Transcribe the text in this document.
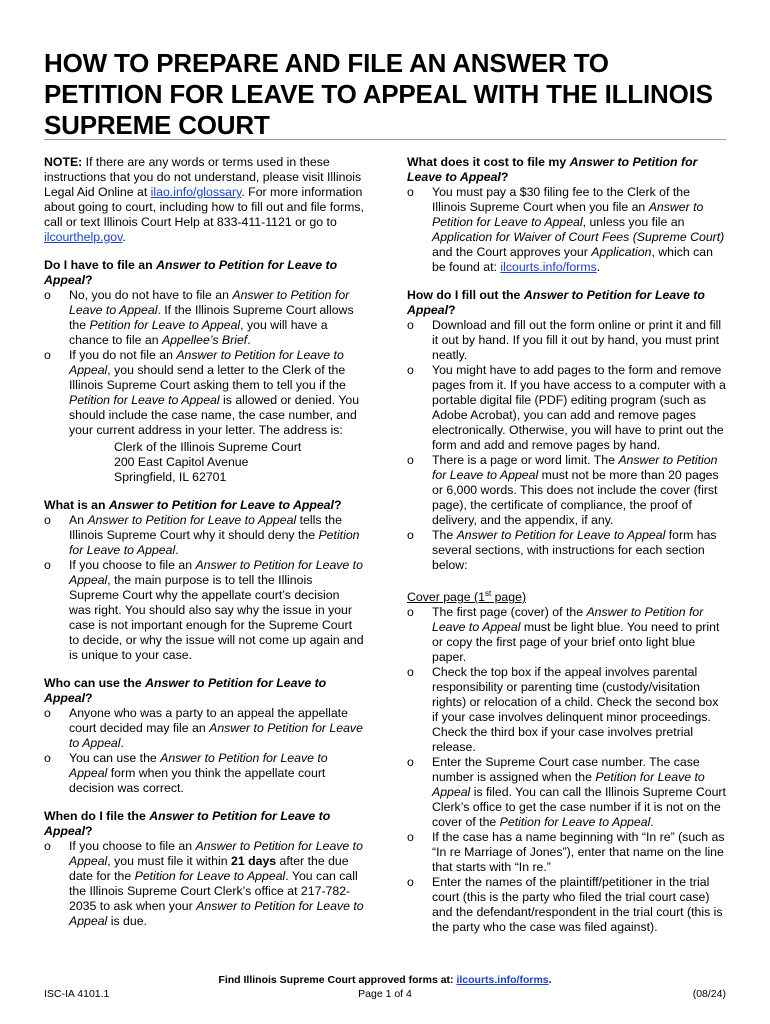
HOW TO PREPARE AND FILE AN ANSWER TO PETITION FOR LEAVE TO APPEAL WITH THE ILLINOIS SUPREME COURT

NOTE: If there are any words or terms used in these instructions that you do not understand, please visit Illinois Legal Aid Online at ilao.info/glossary. For more information about going to court, including how to fill out and file forms, call or text Illinois Court Help at 833-411-1121 or go to ilcourthelp.gov.

Do I have to file an Answer to Petition for Leave to Appeal?

o No, you do not have to file an Answer to Petition for Leave to Appeal. If the Illinois Supreme Court allows the Petition for Leave to Appeal, you will have a chance to file an Appellee’s Brief.
o If you do not file an Answer to Petition for Leave to Appeal, you should send a letter to the Clerk of the Illinois Supreme Court asking them to tell you if the Petition for Leave to Appeal is allowed or denied. You should include the case name, the case number, and your current address in your letter. The address is:
Clerk of the Illinois Supreme Court
200 East Capitol Avenue
Springfield, IL 62701

What is an Answer to Petition for Leave to Appeal?

o An Answer to Petition for Leave to Appeal tells the Illinois Supreme Court why it should deny the Petition for Leave to Appeal.
o If you choose to file an Answer to Petition for Leave to Appeal, the main purpose is to tell the Illinois Supreme Court why the appellate court’s decision was right. You should also say why the issue in your case is not important enough for the Supreme Court to decide, or why the issue will not come up again and is unique to your case.

Who can use the Answer to Petition for Leave to Appeal?

o Anyone who was a party to an appeal the appellate court decided may file an Answer to Petition for Leave to Appeal.
o You can use the Answer to Petition for Leave to Appeal form when you think the appellate court decision was correct.

When do I file the Answer to Petition for Leave to Appeal?

o If you choose to file an Answer to Petition for Leave to Appeal, you must file it within 21 days after the due date for the Petition for Leave to Appeal. You can call the Illinois Supreme Court Clerk’s office at 217-782-2035 to ask when your Answer to Petition for Leave to Appeal is due.

What does it cost to file my Answer to Petition for Leave to Appeal?

o You must pay a $30 filing fee to the Clerk of the Illinois Supreme Court when you file an Answer to Petition for Leave to Appeal, unless you file an Application for Waiver of Court Fees (Supreme Court) and the Court approves your Application, which can be found at: ilcourts.info/forms.

How do I fill out the Answer to Petition for Leave to Appeal?

o Download and fill out the form online or print it and fill it out by hand. If you fill it out by hand, you must print neatly.
o You might have to add pages to the form and remove pages from it. If you have access to a computer with a portable digital file (PDF) editing program (such as Adobe Acrobat), you can add and remove pages electronically. Otherwise, you will have to print out the form and add and remove pages by hand.
o There is a page or word limit. The Answer to Petition for Leave to Appeal must not be more than 20 pages or 6,000 words. This does not include the cover (first page), the certificate of compliance, the proof of delivery, and the appendix, if any.
o The Answer to Petition for Leave to Appeal form has several sections, with instructions for each section below:

Cover page (1st page)

o The first page (cover) of the Answer to Petition for Leave to Appeal must be light blue. You need to print or copy the first page of your brief onto light blue paper.
o Check the top box if the appeal involves parental responsibility or parenting time (custody/visitation rights) or relocation of a child. Check the second box if your case involves delinquent minor proceedings. Check the third box if your case involves pretrial release.
o Enter the Supreme Court case number. The case number is assigned when the Petition for Leave to Appeal is filed. You can call the Illinois Supreme Court Clerk’s office to get the case number if it is not on the cover of the Petition for Leave to Appeal.
o If the case has a name beginning with “In re” (such as “In re Marriage of Jones”), enter that name on the line that starts with “In re.”
o Enter the names of the plaintiff/petitioner in the trial court (this is the party who filed the trial court case) and the defendant/respondent in the trial court (this is the party who the case was filed against).
Find Illinois Supreme Court approved forms at: ilcourts.info/forms.
ISC-IA 4101.1	Page 1 of 4	(08/24)
